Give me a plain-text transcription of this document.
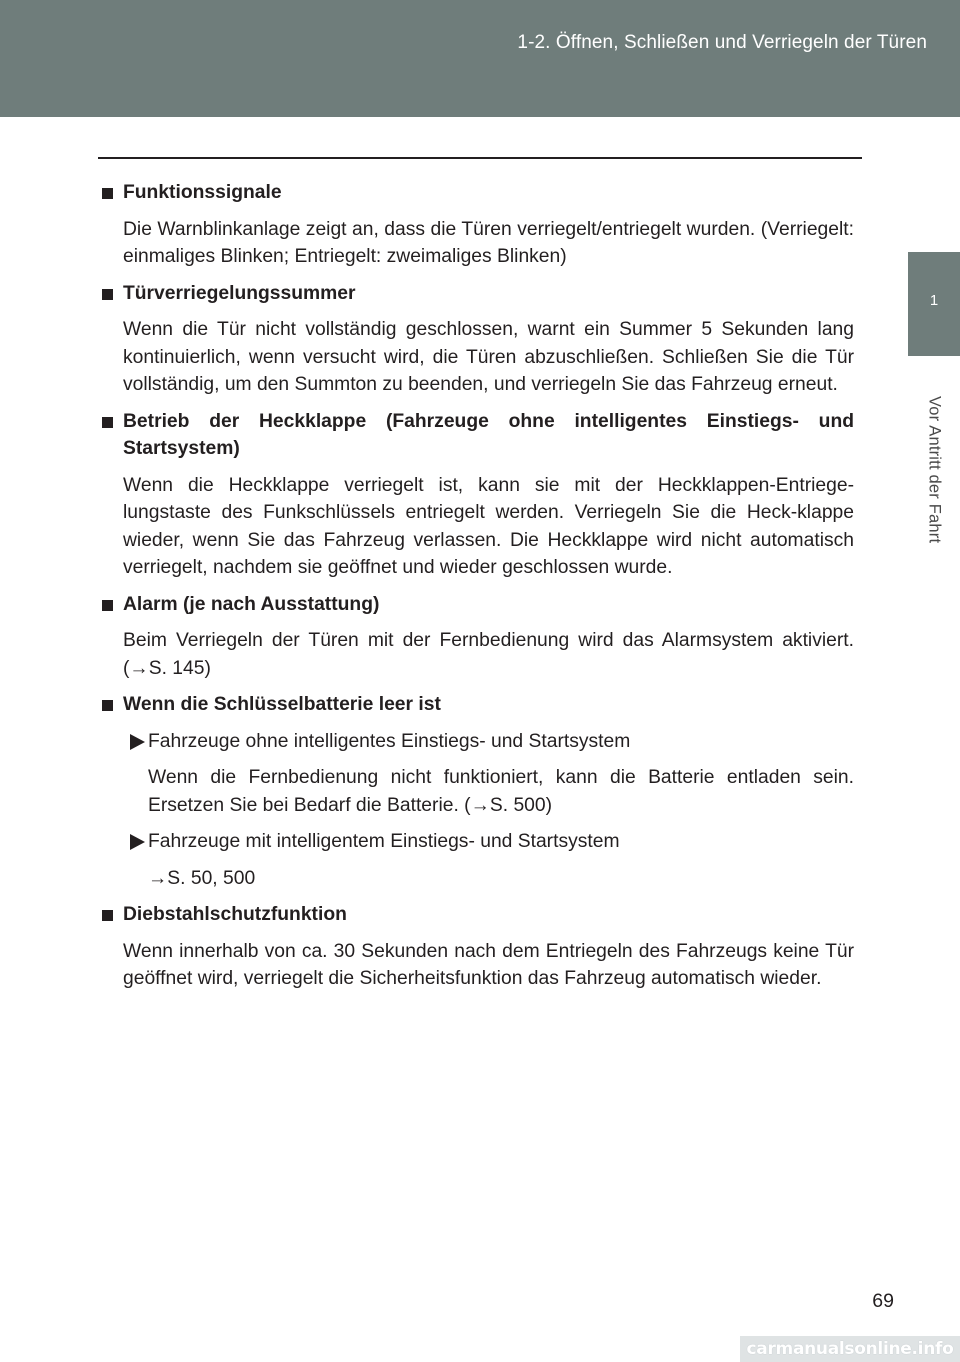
1-2. Öffnen, Schließen und Verriegeln der Türen
1
Vor Antritt der Fahrt
Funktionssignale
Die Warnblinkanlage zeigt an, dass die Türen verriegelt/entriegelt wurden. (Verriegelt: einmaliges Blinken; Entriegelt: zweimaliges Blinken)
Türverriegelungssummer
Wenn die Tür nicht vollständig geschlossen, warnt ein Summer 5 Sekunden lang kontinuierlich, wenn versucht wird, die Türen abzuschließen. Schließen Sie die Tür vollständig, um den Summton zu beenden, und verriegeln Sie das Fahrzeug erneut.
Betrieb der Heckklappe (Fahrzeuge ohne intelligentes Einstiegs- und Startsystem)
Wenn die Heckklappe verriegelt ist, kann sie mit der Heckklappen-Entriege-lungstaste des Funkschlüssels entriegelt werden. Verriegeln Sie die Heck-klappe wieder, wenn Sie das Fahrzeug verlassen. Die Heckklappe wird nicht automatisch verriegelt, nachdem sie geöffnet und wieder geschlossen wurde.
Alarm (je nach Ausstattung)
Beim Verriegeln der Türen mit der Fernbedienung wird das Alarmsystem aktiviert. (→S. 145)
Wenn die Schlüsselbatterie leer ist
Fahrzeuge ohne intelligentes Einstiegs- und Startsystem
Wenn die Fernbedienung nicht funktioniert, kann die Batterie entladen sein. Ersetzen Sie bei Bedarf die Batterie. (→S. 500)
Fahrzeuge mit intelligentem Einstiegs- und Startsystem
→S. 50, 500
Diebstahlschutzfunktion
Wenn innerhalb von ca. 30 Sekunden nach dem Entriegeln des Fahrzeugs keine Tür geöffnet wird, verriegelt die Sicherheitsfunktion das Fahrzeug automatisch wieder.
69
carmanualsonline.info
